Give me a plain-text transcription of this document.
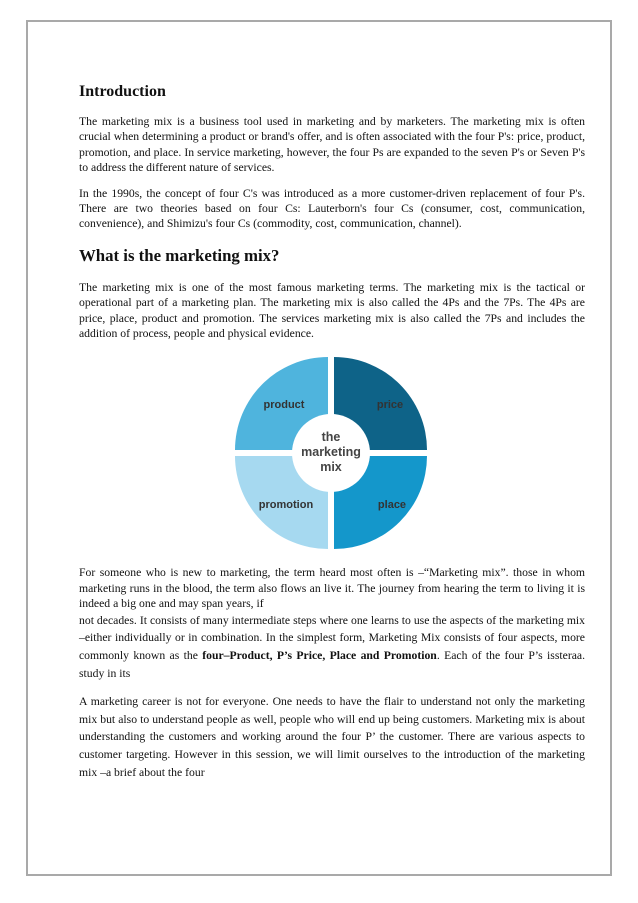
Introduction

The marketing mix is a business tool used in marketing and by marketers. The marketing mix is often crucial when determining a product or brand's offer, and is often associated with the four P's: price, product, promotion, and place. In service marketing, however, the four Ps are expanded to the seven P's or Seven P's to address the different nature of services.

In the 1990s, the concept of four C's was introduced as a more customer-driven replacement of four P's. There are two theories based on four Cs: Lauterborn's four Cs (consumer, cost, communication, convenience), and Shimizu's four Cs (commodity, cost, communication, channel).

What is the marketing mix?

The marketing mix is one of the most famous marketing terms. The marketing mix is the tactical or operational part of a marketing plan. The marketing mix is also called the 4Ps and the 7Ps. The 4Ps are price, place, product and promotion. The services marketing mix is also called the 7Ps and includes the addition of process, people and physical evidence.

the
marketing
mix
product	price
promotion	place

For someone who is new to marketing, the term heard most often is –“Marketing mix”. those in whom marketing runs in the blood, the term also flows an live it. The journey from hearing the term to living it is indeed a big one and may span years, if

not decades. It consists of many intermediate steps where one learns to use the aspects of the marketing mix –either individually or in combination. In the simplest form, Marketing Mix consists of four aspects, more commonly known as the four–Product, P’s Price, Place and Promotion. Each of the four P’s issteraa. study in its

A marketing career is not for everyone. One needs to have the flair to understand not only the marketing mix but also to understand people as well, people who will end up being customers. Marketing mix is about understanding the customers and working around the four P’ the customer. There are various aspects to customer targeting. However in this session, we will limit ourselves to the introduction of the marketing mix –a brief about the four
